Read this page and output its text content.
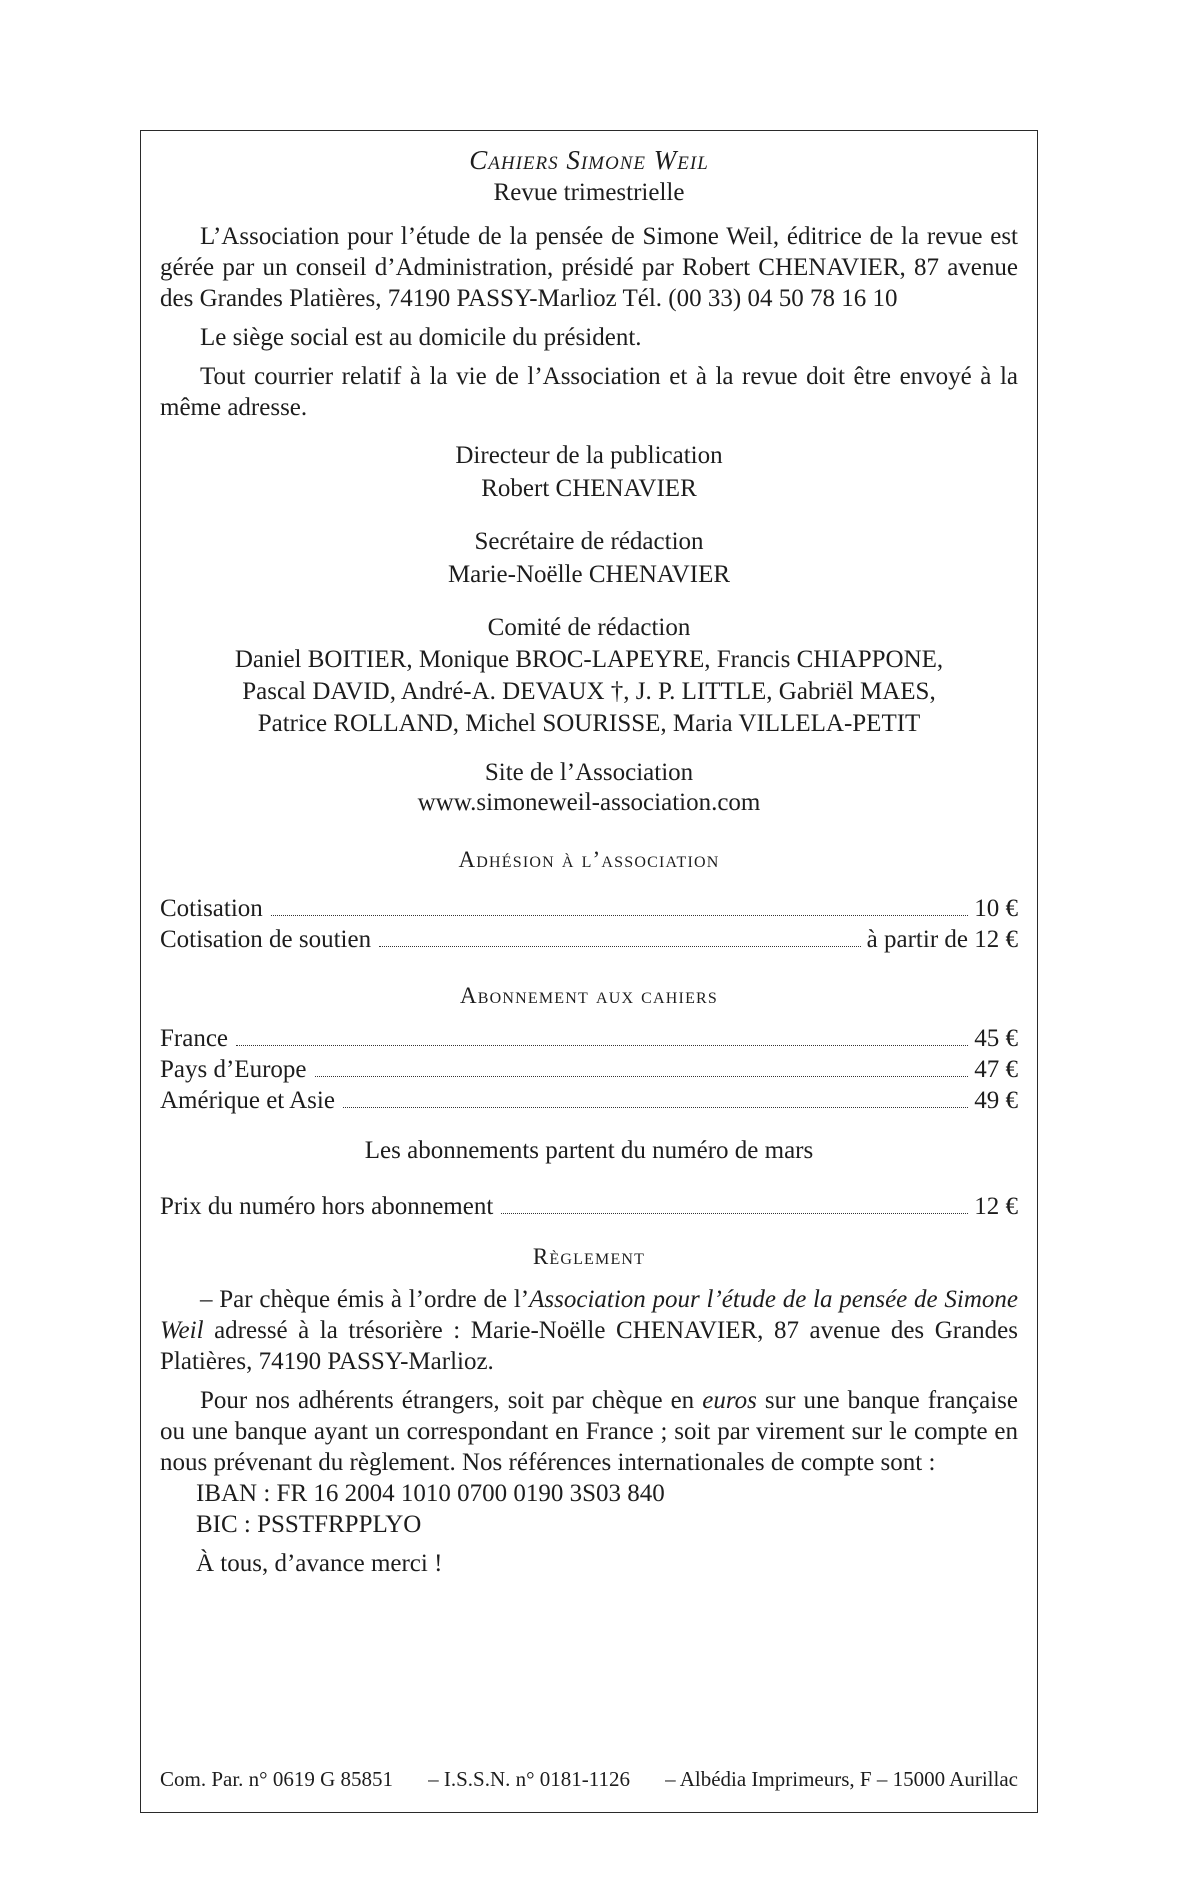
Cahiers Simone Weil
Revue trimestrielle

L’Association pour l’étude de la pensée de Simone Weil, éditrice de la revue est gérée par un conseil d’Administration, présidé par Robert CHENAVIER, 87 avenue des Grandes Platières, 74190 PASSY-Marlioz Tél. (00 33) 04 50 78 16 10

Le siège social est au domicile du président.

Tout courrier relatif à la vie de l’Association et à la revue doit être envoyé à la même adresse.

Directeur de la publication
Robert CHENAVIER
Secrétaire de rédaction
Marie-Noëlle CHENAVIER
Comité de rédaction
Daniel BOITIER, Monique BROC-LAPEYRE, Francis CHIAPPONE,
Pascal DAVID, André-A. DEVAUX †, J. P. LITTLE, Gabriël MAES,
Patrice ROLLAND, Michel SOURISSE, Maria VILLELA-PETIT
Site de l’Association
www.simoneweil-association.com
Adhésion à l’association
Cotisation	10 €
Cotisation de soutien	à partir de 12 €
Abonnement aux cahiers
France	45 €
Pays d’Europe	47 €
Amérique et Asie	49 €
Les abonnements partent du numéro de mars
Prix du numéro hors abonnement	12 €
Règlement

– Par chèque émis à l’ordre de l’Association pour l’étude de la pensée de Simone Weil adressé à la trésorière : Marie-Noëlle CHENAVIER, 87 avenue des Grandes Platières, 74190 PASSY-Marlioz.

Pour nos adhérents étrangers, soit par chèque en euros sur une banque française ou une banque ayant un correspondant en France ; soit par virement sur le compte en nous prévenant du règlement. Nos références internationales de compte sont :

IBAN : FR 16 2004 1010 0700 0190 3S03 840
BIC : PSSTFRPPLYO
À tous, d’avance merci !
Com. Par. n° 0619 G 85851 – I.S.S.N. n° 0181-1126 – Albédia Imprimeurs, F – 15000 Aurillac
